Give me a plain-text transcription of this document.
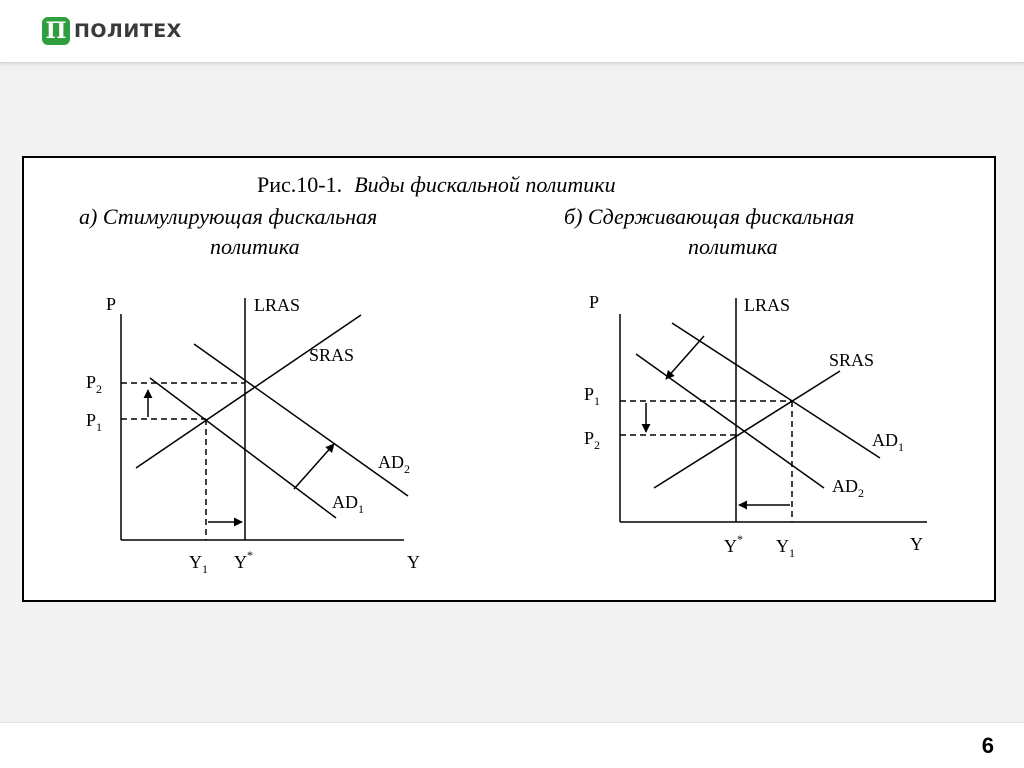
П ПОЛИТЕХ
Рис.10-1. Виды фискальной политики
а) Стимулирующая фискальная
политика
б) Сдерживающая фискальная
политика
P
Y
LRAS
SRAS
$AD_2$
$AD_1$
$P_2$
$P_1$
$Y_1$ Y*
P
Y
LRAS
SRAS
$AD_1$
$AD_2$
$P_1$
$P_2$
Y* $Y_1$
6
